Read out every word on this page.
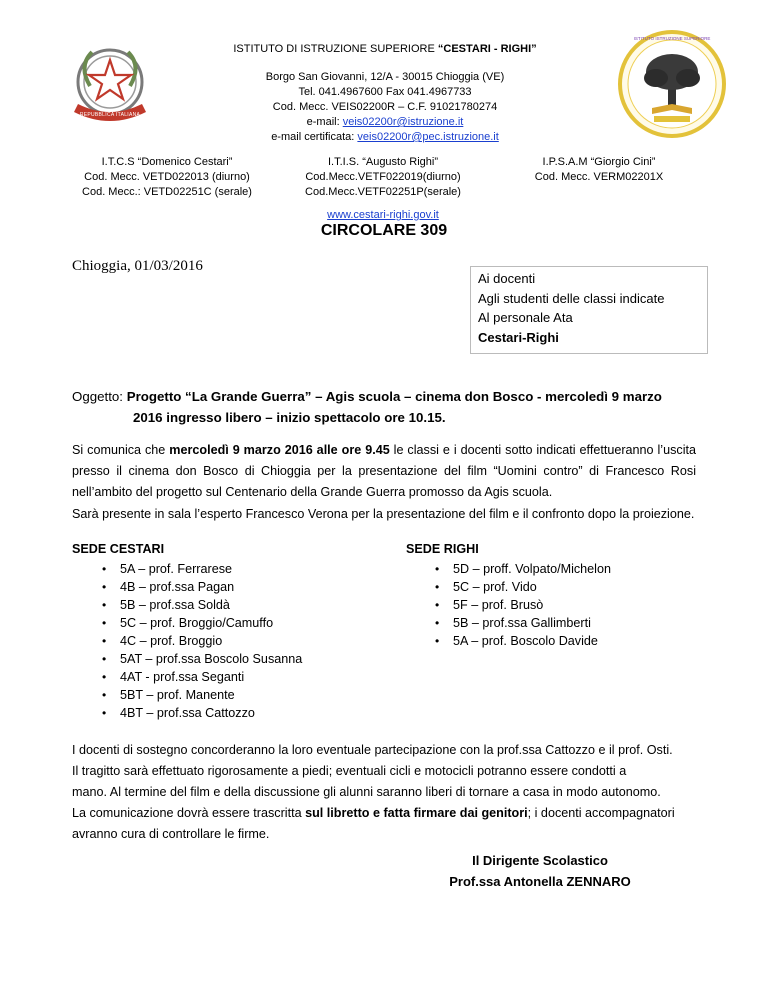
REPUBBLICA ITALIANA
ISTITUTO ISTRUZIONE SUPERIORE
ISTITUTO DI ISTRUZIONE SUPERIORE “CESTARI - RIGHI”
Borgo San Giovanni, 12/A - 30015 Chioggia (VE)
Tel. 041.4967600 Fax 041.4967733
Cod. Mecc. VEIS02200R – C.F. 91021780274
e-mail: veis02200r@istruzione.it
e-mail certificata: veis02200r@pec.istruzione.it
I.T.C.S “Domenico Cestari”
Cod. Mecc. VETD022013 (diurno)
Cod. Mecc.: VETD02251C (serale)
I.T.I.S. “Augusto Righi”
Cod.Mecc.VETF022019(diurno)
Cod.Mecc.VETF02251P(serale)
www.cestari-righi.gov.it
I.P.S.A.M “Giorgio Cini”
Cod. Mecc. VERM02201X
CIRCOLARE 309
Chioggia, 01/03/2016
Ai docenti
Agli studenti delle classi indicate
Al personale Ata
Cestari-Righi
Oggetto: Progetto “La Grande Guerra” – Agis scuola – cinema don Bosco - mercoledì 9 marzo
2016 ingresso libero – inizio spettacolo ore 10.15.
Si comunica che mercoledì 9 marzo 2016 alle ore 9.45 le classi e i docenti sotto indicati effettueranno l’uscita presso il cinema don Bosco di Chioggia per la presentazione del film “Uomini contro” di Francesco Rosi nell’ambito del progetto sul Centenario della Grande Guerra promosso da Agis scuola.
Sarà presente in sala l’esperto Francesco Verona per la presentazione del film e il confronto dopo la proiezione.
SEDE CESTARI
• 5A – prof. Ferrarese
• 4B – prof.ssa Pagan
• 5B – prof.ssa Soldà
• 5C – prof. Broggio/Camuffo
• 4C – prof. Broggio
• 5AT – prof.ssa Boscolo Susanna
• 4AT - prof.ssa Seganti
• 5BT – prof. Manente
• 4BT – prof.ssa Cattozzo
SEDE RIGHI
• 5D – proff. Volpato/Michelon
• 5C – prof. Vido
• 5F – prof. Brusò
• 5B – prof.ssa Gallimberti
• 5A – prof. Boscolo Davide
I docenti di sostegno concorderanno la loro eventuale partecipazione con la prof.ssa Cattozzo e il prof. Osti.
Il tragitto sarà effettuato rigorosamente a piedi; eventuali cicli e motocicli potranno essere condotti a
mano. Al termine del film e della discussione gli alunni saranno liberi di tornare a casa in modo autonomo.
La comunicazione dovrà essere trascritta sul libretto e fatta firmare dai genitori; i docenti accompagnatori
avranno cura di controllare le firme.
Il Dirigente Scolastico
Prof.ssa Antonella ZENNARO
